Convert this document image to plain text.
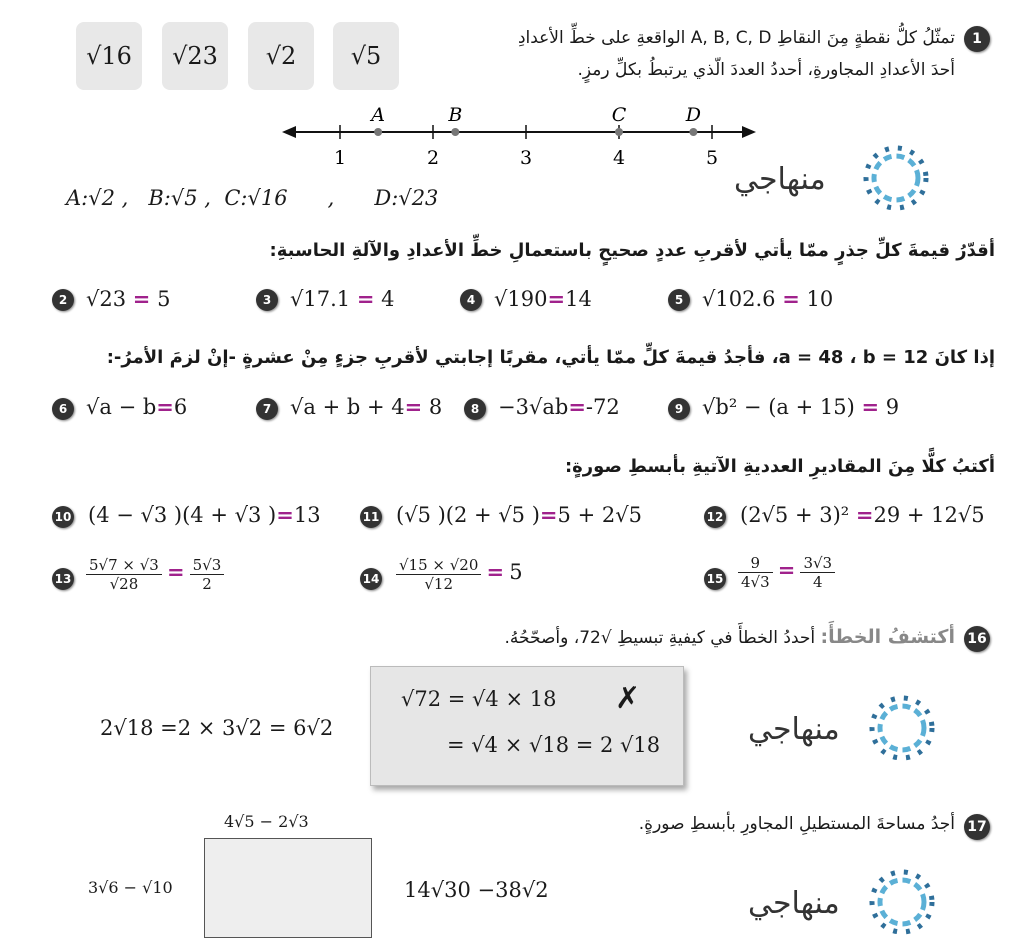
1
تمثّلُ كلُّ نقطةٍ مِنَ النقاطِ A, B, C, D الواقعةِ على خطِّ الأعدادِ
أحدَ الأعدادِ المجاورةِ، أحددُ العددَ الّذي يرتبطُ بكلِّ رمزٍ.
√16 √23 √2 √5
1	2	3	4	5
A	B	C	D
A:√2 , B:√5 , C:√16 , D:√23
منهاجي
أقدّرُ قيمةَ كلِّ جذرٍ ممّا يأتي لأقربِ عددٍ صحيحٍ باستعمالِ خطِّ الأعدادِ والآلةِ الحاسبةِ:
2 √23 = 5	3 √17.1 = 4	4 √190=14	5 √102.6 = 10
إذا كانَ a = 48 ، b = 12، فأجدُ قيمةَ كلٍّ ممّا يأتي، مقربًا إجابتي لأقربِ جزءٍ مِنْ عشرةٍ -إنْ لزمَ الأمرُ-:
6 √a − b=6	7 √a + b + 4= 8	8 −3√ab=-72	9 √b² − (a + 15) = 9
أكتبُ كلًّا مِنَ المقاديرِ العدديةِ الآتيةِ بأبسطِ صورةٍ:
10 (4 − √3 )(4 + √3 )=13	11 (√5 )(2 + √5 )=5 + 2√5	12 (2√5 + 3)² =29 + 12√5
$13 \frac{5√7 \times √3}{√28} = \frac{5√3}{2}$	$14 \frac{√15 \times √20}{√12} = 5$	$15 \frac{9}{4√3} = \frac{3√3}{4}$
16
أكتشفُ الخطأَ: أحددُ الخطأَ في كيفيةِ تبسيطِ √72، وأصحّحُهُ.
√72 = √4 × 18 ✗
= √4 × √18 = 2 √18
2√18 =2 × 3√2 = 6√2	منهاجي
17
أجدُ مساحةَ المستطيلِ المجاورِ بأبسطِ صورةٍ.
4√5 − 2√3
3√6 − √10	14√30 −38√2	منهاجي
